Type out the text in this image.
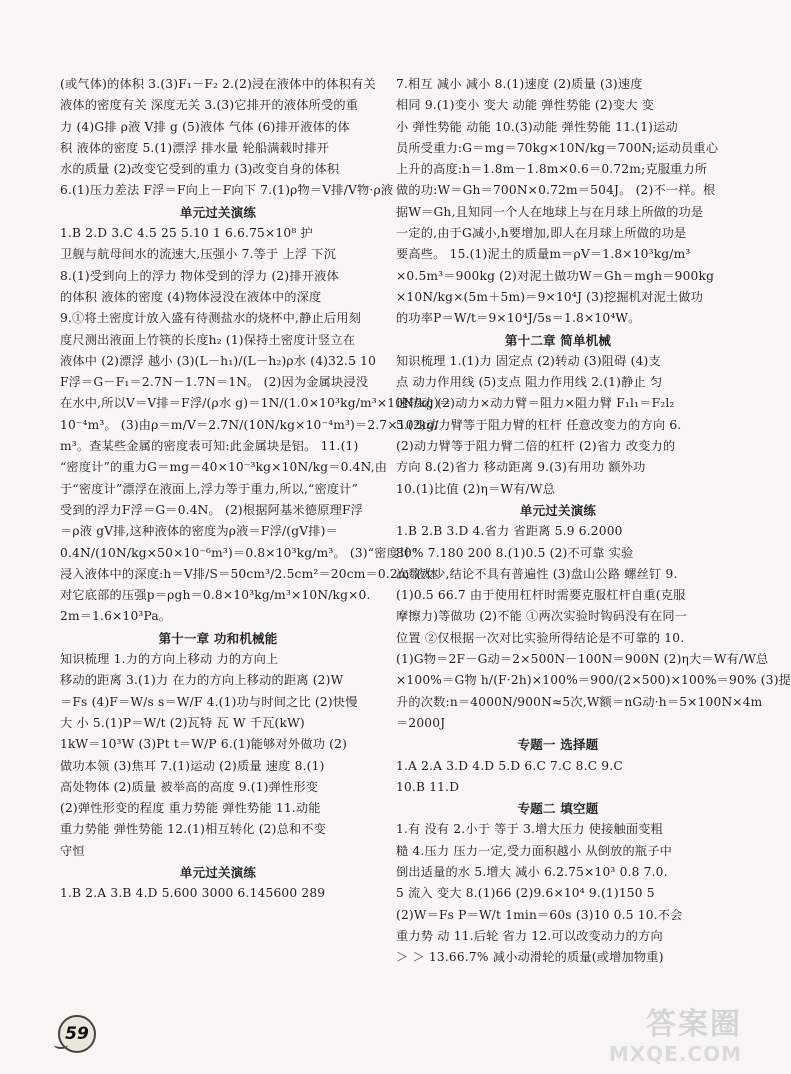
(或气体)的体积 3.(3)F₁－F₂ 2.(2)浸在液体中的体积有关

液体的密度有关 深度无关 3.(3)它排开的液体所受的重

力 (4)G排 ρ液 V排 g (5)液体 气体 (6)排开液体的体

积 液体的密度 5.(1)漂浮 排水量 轮船满载时排开

水的质量 (2)改变它受到的重力 (3)改变自身的体积

6.(1)压力差法 F浮＝F向上－F向下 7.(1)ρ物＝V排/V物·ρ液

单元过关演练

1.B 2.D 3.C 4.5 25 5.10 1 6.6.75×10⁸ 护

卫舰与航母间水的流速大,压强小 7.等于 上浮 下沉

8.(1)受到向上的浮力 物体受到的浮力 (2)排开液体

的体积 液体的密度 (4)物体浸没在液体中的深度

9.①将土密度计放入盛有待测盐水的烧杯中,静止后用刻

度尺测出液面上竹筷的长度h₂ (1)保持土密度计竖立在

液体中 (2)漂浮 越小 (3)(L－h₁)/(L－h₂)ρ水 (4)32.5 10

F浮＝G－F₁＝2.7N－1.7N＝1N。 (2)因为金属块浸没

在水中,所以V＝V排＝F浮/(ρ水 g)＝1N/(1.0×10³kg/m³×10N/kg)＝

10⁻⁴m³。 (3)由ρ＝m/V＝2.7N/(10N/kg×10⁻⁴m³)＝2.7×10³kg/

m³。查某些金属的密度表可知:此金属块是铝。 11.(1)

“密度计”的重力G＝mg＝40×10⁻³kg×10N/kg＝0.4N,由

于“密度计”漂浮在液面上,浮力等于重力,所以,“密度计”

受到的浮力F浮＝G＝0.4N。 (2)根据阿基米德原理F浮

＝ρ液 gV排,这种液体的密度为ρ液＝F浮/(gV排)＝

0.4N/(10N/kg×50×10⁻⁶m³)＝0.8×10³kg/m³。 (3)“密度计”

浸入液体中的深度:h＝V排/S＝50cm³/2.5cm²＝20cm＝0.2m 液体

对它底部的压强p＝ρgh＝0.8×10³kg/m³×10N/kg×0.

2m＝1.6×10³Pa。

第十一章 功和机械能

知识梳理 1.力的方向上移动 力的方向上

移动的距离 3.(1)力 在力的方向上移动的距离 (2)W

＝Fs (4)F＝W/s s＝W/F 4.(1)功与时间之比 (2)快慢

大 小 5.(1)P＝W/t (2)瓦特 瓦 W 千瓦(kW)

1kW＝10³W (3)Pt t＝W/P 6.(1)能够对外做功 (2)

做功本领 (3)焦耳 7.(1)运动 (2)质量 速度 8.(1)

高处物体 (2)质量 被举高的高度 9.(1)弹性形变

(2)弹性形变的程度 重力势能 弹性势能 11.动能

重力势能 弹性势能 12.(1)相互转化 (2)总和不变

守恒

单元过关演练

1.B 2.A 3.B 4.D 5.600 3000 6.145600 289

7.相互 减小 减小 8.(1)速度 (2)质量 (3)速度

相同 9.(1)变小 变大 动能 弹性势能 (2)变大 变

小 弹性势能 动能 10.(3)动能 弹性势能 11.(1)运动

员所受重力:G＝mg＝70kg×10N/kg＝700N;运动员重心

上升的高度:h＝1.8m－1.8m×0.6＝0.72m;克服重力所

做的功:W＝Gh＝700N×0.72m＝504J。 (2)不一样。根

据W＝Gh,且知同一个人在地球上与在月球上所做的功是

一定的,由于G减小,h要增加,即人在月球上所做的功是

要高些。 15.(1)泥土的质量m＝ρV＝1.8×10³kg/m³

×0.5m³＝900kg (2)对泥土做功W＝Gh＝mgh＝900kg

×10N/kg×(5m＋5m)＝9×10⁴J (3)挖掘机对泥土做功

的功率P＝W/t＝9×10⁴J/5s＝1.8×10⁴W。

第十二章 简单机械

知识梳理 1.(1)力 固定点 (2)转动 (3)阻碍 (4)支

点 动力作用线 (5)支点 阻力作用线 2.(1)静止 匀

速转动 (2)动力×动力臂＝阻力×阻力臂 F₁l₁＝F₂l₂

5.(2)动力臂等于阻力臂的杠杆 任意改变力的方向 6.

(2)动力臂等于阻力臂二倍的杠杆 (2)省力 改变力的

方向 8.(2)省力 移动距离 9.(3)有用功 额外功

10.(1)比值 (2)η＝W有/W总

单元过关演练

1.B 2.B 3.D 4.省力 省距离 5.9 6.2000

80% 7.180 200 8.(1)0.5 (2)不可靠 实验

次数太少,结论不具有普遍性 (3)盘山公路 螺丝钉 9.

(1)0.5 66.7 由于使用杠杆时需要克服杠杆自重(克服

摩擦力)等做功 (2)不能 ①两次实验时钩码没有在同一

位置 ②仅根据一次对比实验所得结论是不可靠的 10.

(1)G物＝2F－G动＝2×500N－100N＝900N (2)η大＝W有/W总

×100%＝G物 h/(F·2h)×100%＝900/(2×500)×100%＝90% (3)提

升的次数:n＝4000N/900N≈5次,W额＝nG动·h＝5×100N×4m

＝2000J

专题一 选择题

1.A 2.A 3.D 4.D 5.D 6.C 7.C 8.C 9.C

10.B 11.D

专题二 填空题

1.有 没有 2.小于 等于 3.增大压力 使接触面变粗

糙 4.压力 压力一定,受力面积越小 从倒放的瓶子中

倒出适量的水 5.增大 减小 6.2.75×10³ 0.8 7.0.

5 流入 变大 8.(1)66 (2)9.6×10⁴ 9.(1)150 5

(2)W＝Fs P＝W/t 1min＝60s (3)10 0.5 10.不会

重力势 动 11.后轮 省力 12.可以改变动力的方向

＞ ＞ 13.66.7% 减小动滑轮的质量(或增加物重)

59	答案圈
MXQE.COM
